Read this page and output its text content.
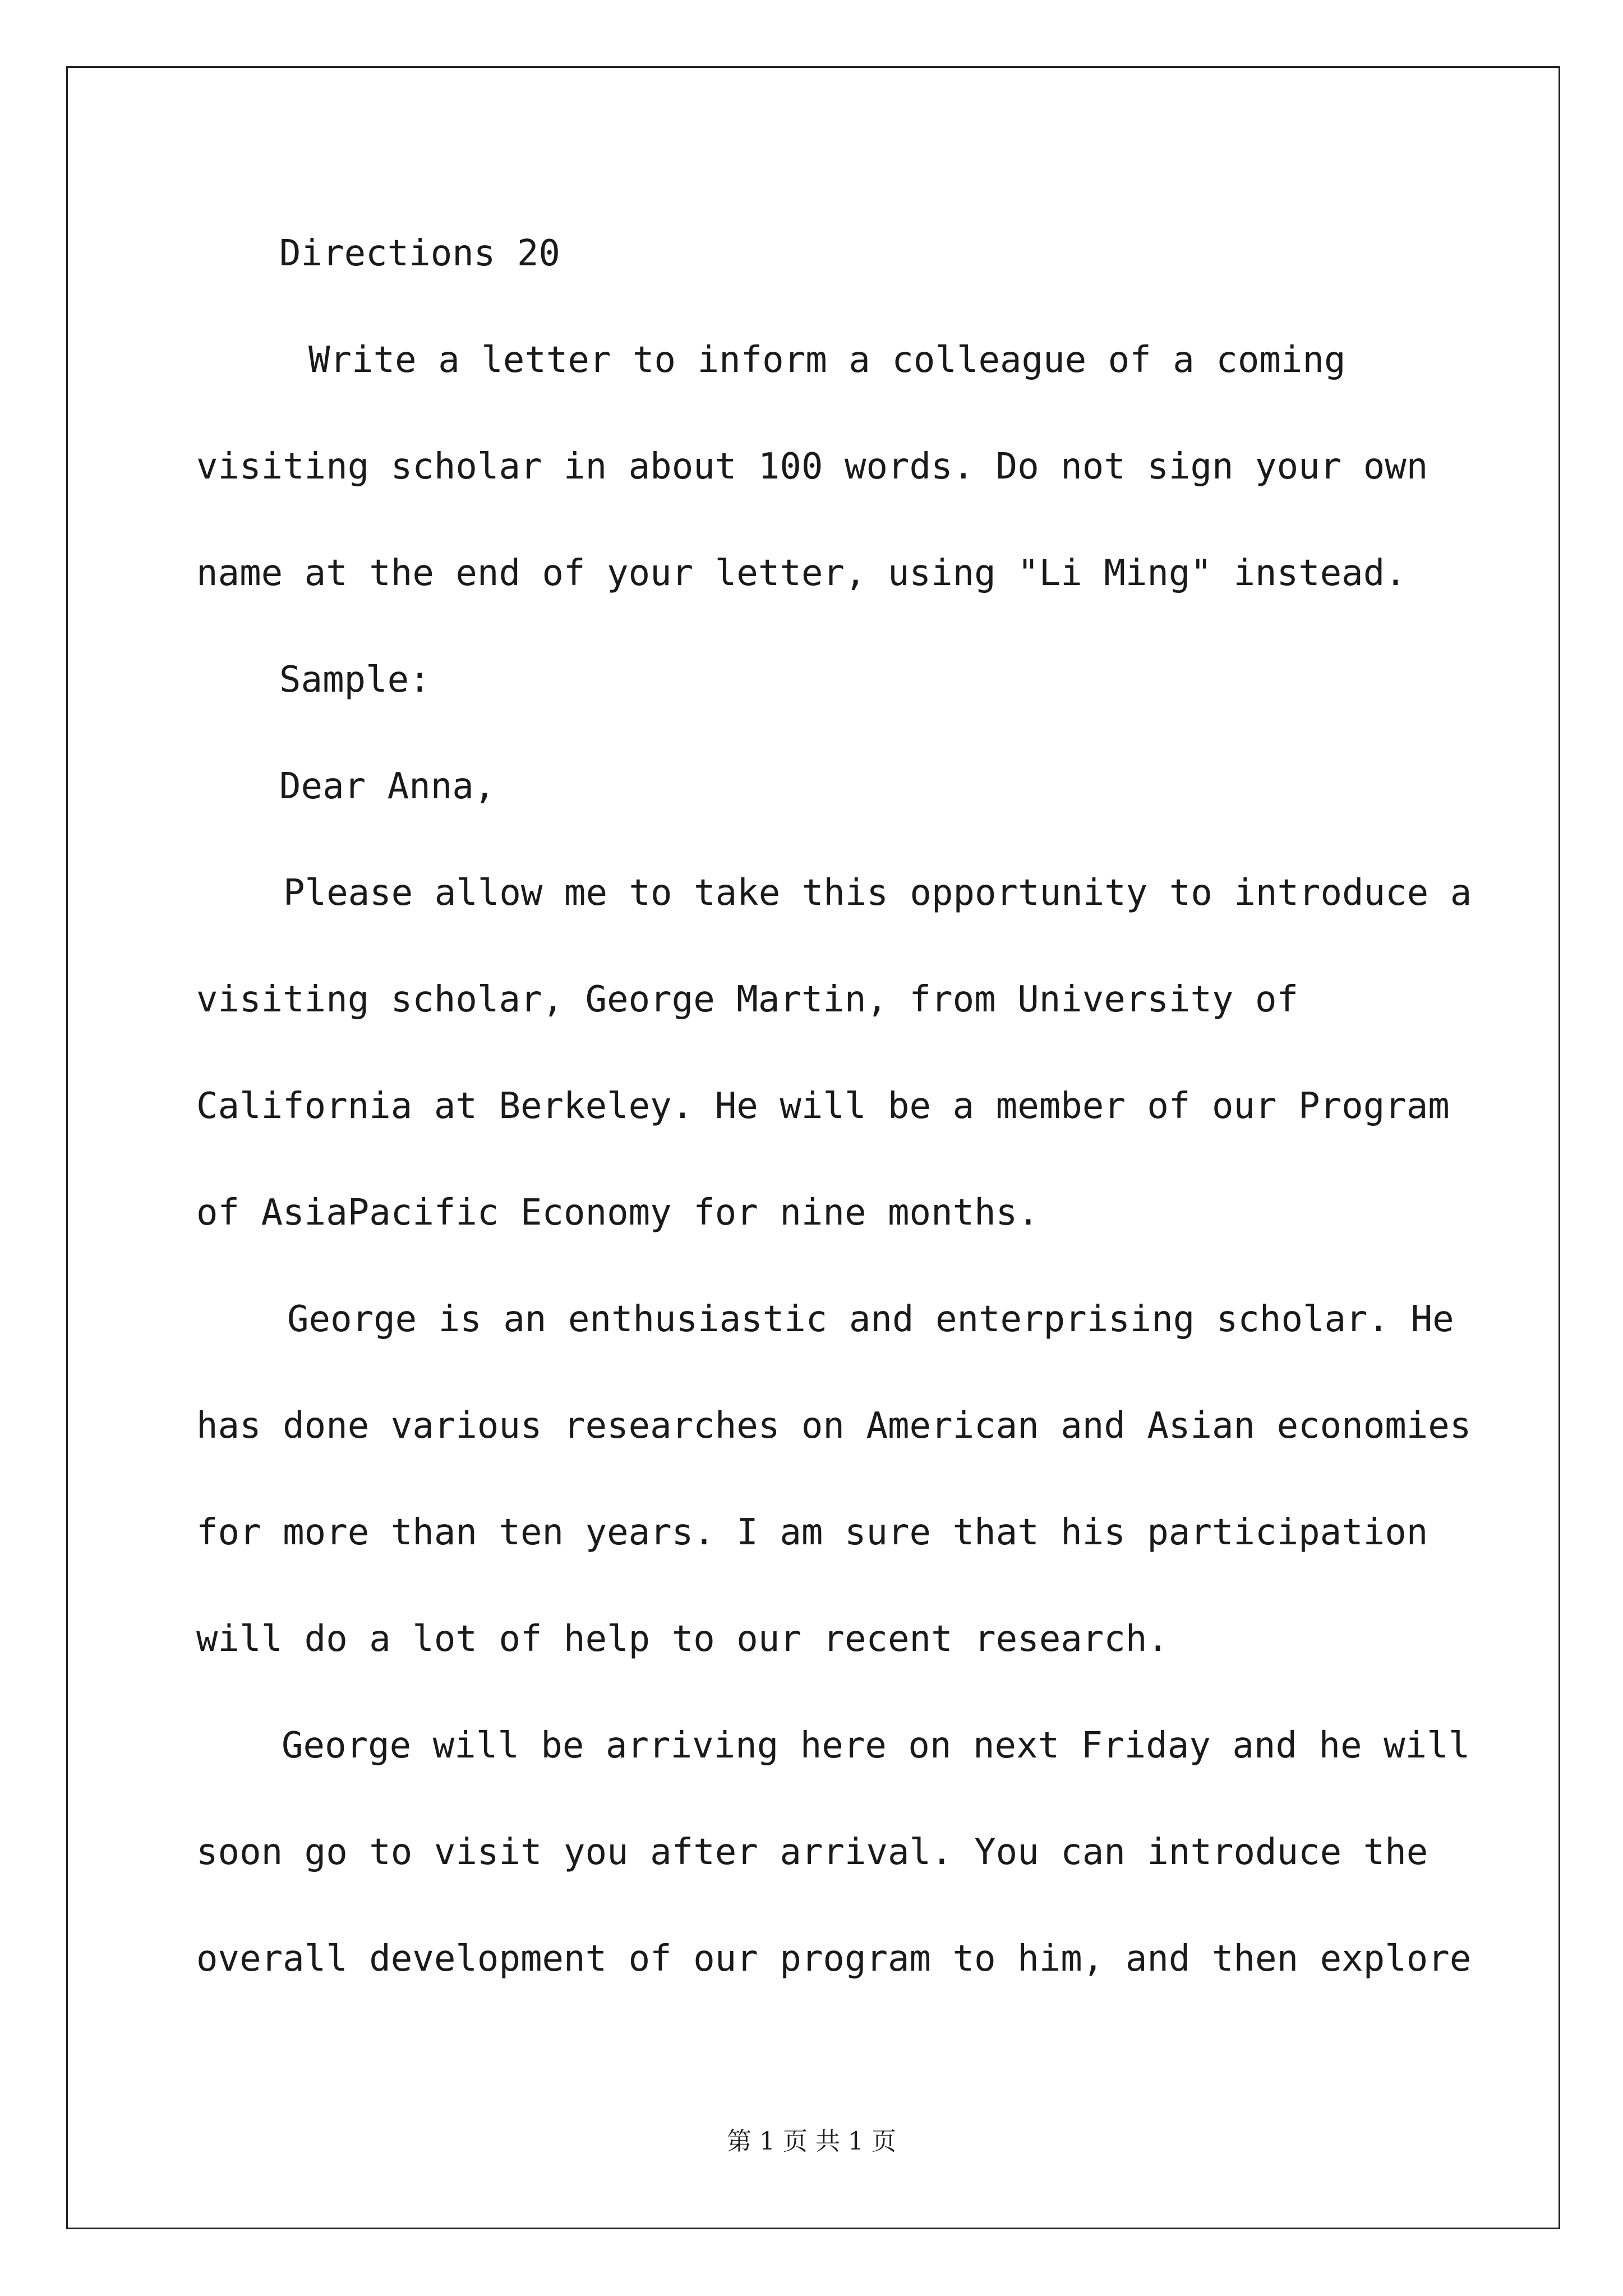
Directions 20
Write a letter to inform a colleague of a coming
visiting scholar in about 100 words. Do not sign your own
name at the end of your letter, using "Li Ming" instead.
Sample:
Dear Anna,
Please allow me to take this opportunity to introduce a
visiting scholar, George Martin, from University of
California at Berkeley. He will be a member of our Program
of AsiaPacific Economy for nine months.
George is an enthusiastic and enterprising scholar. He
has done various researches on American and Asian economies
for more than ten years. I am sure that his participation
will do a lot of help to our recent research.
George will be arriving here on next Friday and he will
soon go to visit you after arrival. You can introduce the
overall development of our program to him, and then explore
第 1 页 共 1 页
